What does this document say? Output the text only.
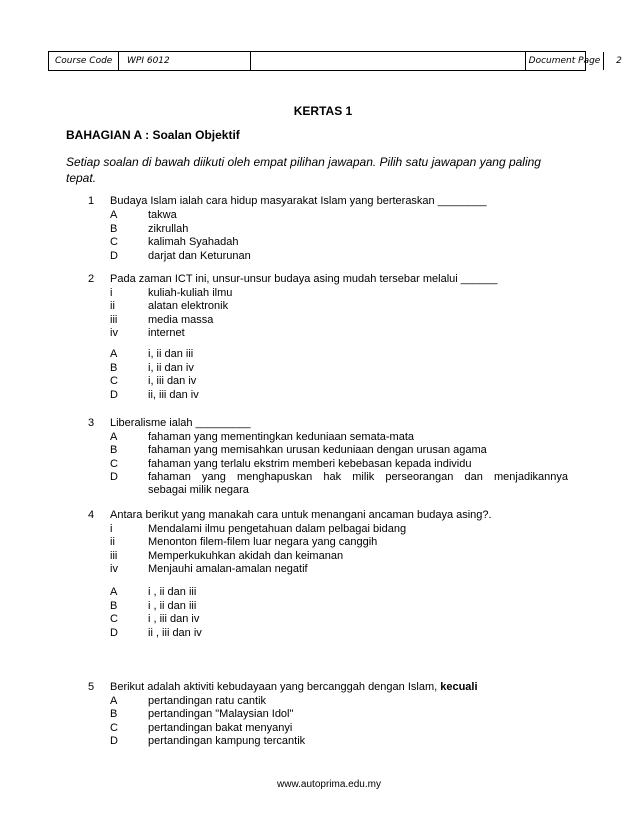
Course Code	WPI 6012	Document Page	2
KERTAS 1
BAHAGIAN A : Soalan Objektif
Setiap soalan di bawah diikuti oleh empat pilihan jawapan. Pilih satu jawapan yang paling tepat.
1 Budaya Islam ialah cara hidup masyarakat Islam yang berteraskan ________
A	takwa
B	zikrullah
C	kalimah Syahadah
D	darjat dan Keturunan
2 Pada zaman ICT ini, unsur-unsur budaya asing mudah tersebar melalui ______
i	kuliah-kuliah ilmu
ii	alatan elektronik
iii	media massa
iv	internet
A	i, ii dan iii
B	i, ii dan iv
C	i, iii dan iv
D	ii, iii dan iv
3 Liberalisme ialah _________
A	fahaman yang mementingkan keduniaan semata-mata
B	fahaman yang memisahkan urusan keduniaan dengan urusan agama
C	fahaman yang terlalu ekstrim memberi kebebasan kepada individu
D	fahaman yang menghapuskan hak milik perseorangan dan menjadikannya
sebagai milik negara
4 Antara berikut yang manakah cara untuk menangani ancaman budaya asing?.
i	Mendalami ilmu pengetahuan dalam pelbagai bidang
ii	Menonton filem-filem luar negara yang canggih
iii	Memperkukuhkan akidah dan keimanan
iv	Menjauhi amalan-amalan negatif
A	i , ii dan iii
B	i , ii dan iii
C	i , iii dan iv
D	ii , iii dan iv
5 Berikut adalah aktiviti kebudayaan yang bercanggah dengan Islam, kecuali
A	pertandingan ratu cantik
B	pertandingan "Malaysian Idol"
C	pertandingan bakat menyanyi
D	pertandingan kampung tercantik
www.autoprima.edu.my
